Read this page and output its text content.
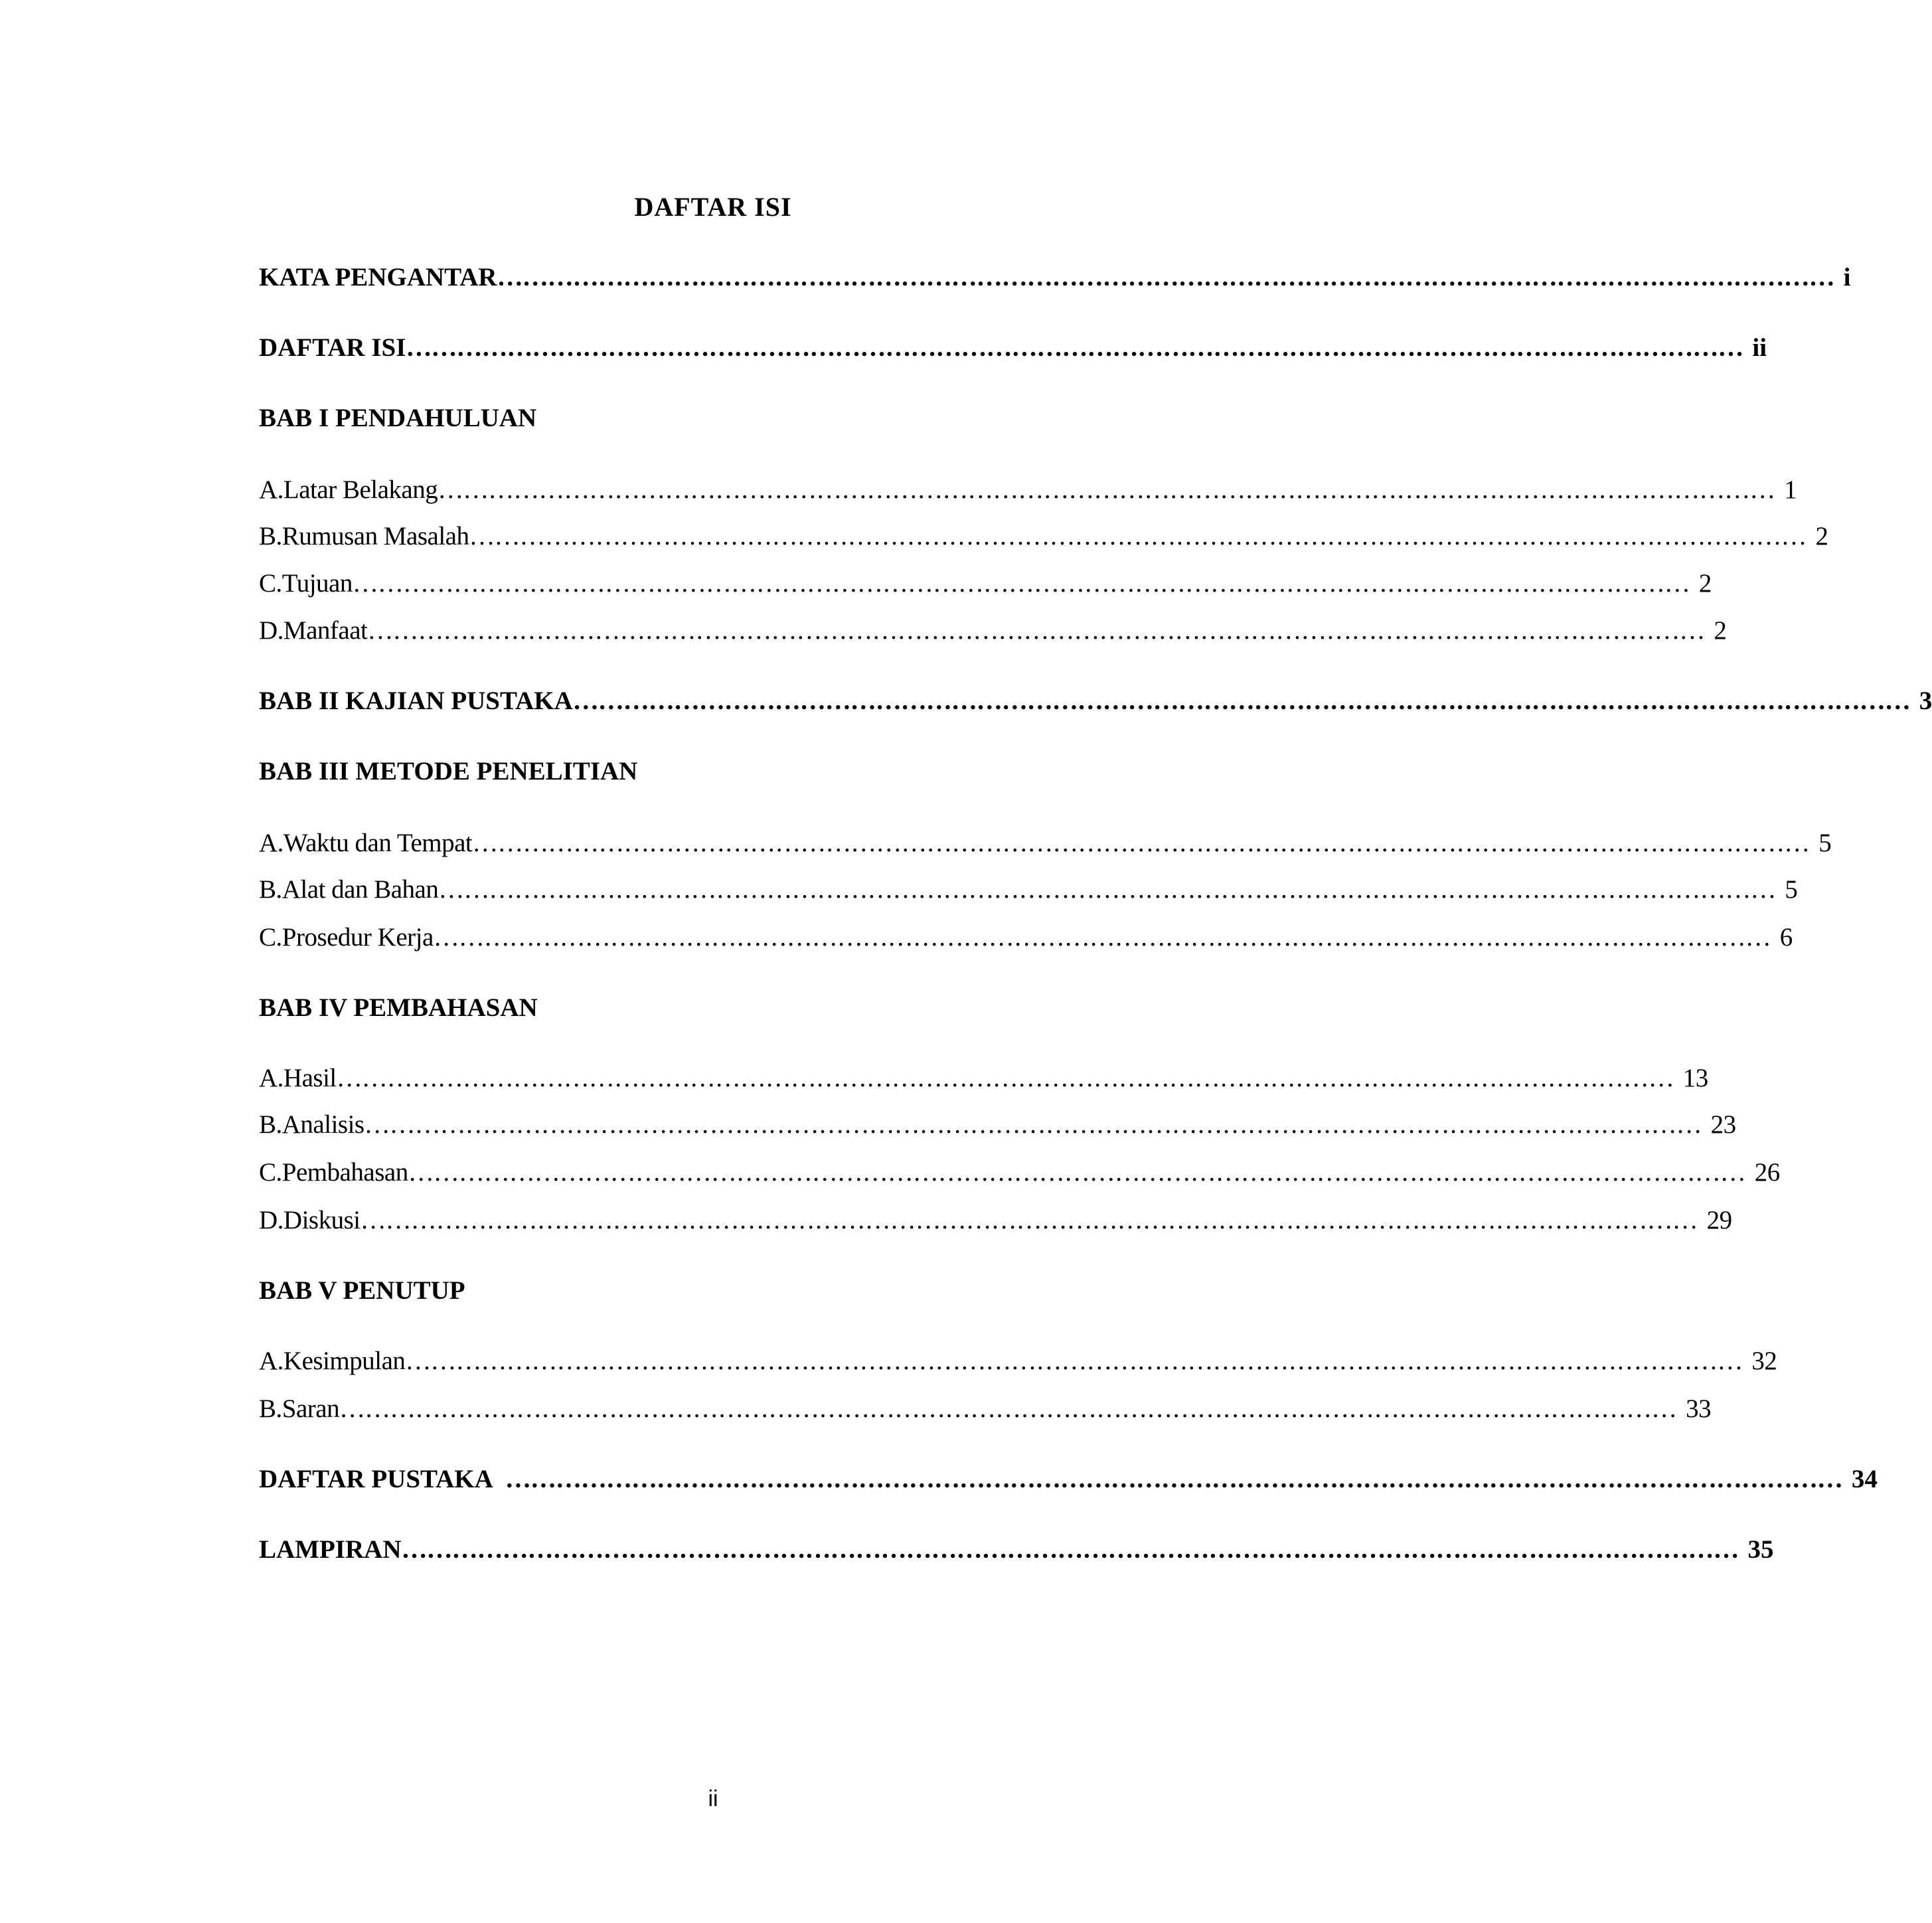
DAFTAR ISI
KATA PENGANTAR …………………………………………………………………………………………………………………………………………… i
DAFTAR ISI …………………………………………………………………………………………………………………………………………… ii
BAB I PENDAHULUAN
A. Latar Belakang …………………………………………………………………………………………………………………………………………… 1
B. Rumusan Masalah …………………………………………………………………………………………………………………………………………… 2
C. Tujuan …………………………………………………………………………………………………………………………………………… 2
D. Manfaat …………………………………………………………………………………………………………………………………………… 2
BAB II KAJIAN PUSTAKA …………………………………………………………………………………………………………………………………………… 3
BAB III METODE PENELITIAN
A. Waktu dan Tempat …………………………………………………………………………………………………………………………………………… 5
B. Alat dan Bahan …………………………………………………………………………………………………………………………………………… 5
C. Prosedur Kerja …………………………………………………………………………………………………………………………………………… 6
BAB IV PEMBAHASAN
A. Hasil …………………………………………………………………………………………………………………………………………… 13
B. Analisis …………………………………………………………………………………………………………………………………………… 23
C. Pembahasan …………………………………………………………………………………………………………………………………………… 26
D. Diskusi …………………………………………………………………………………………………………………………………………… 29
BAB V PENUTUP
A. Kesimpulan …………………………………………………………………………………………………………………………………………… 32
B. Saran …………………………………………………………………………………………………………………………………………… 33
DAFTAR PUSTAKA …………………………………………………………………………………………………………………………………………… 34
LAMPIRAN …………………………………………………………………………………………………………………………………………… 35
ii
